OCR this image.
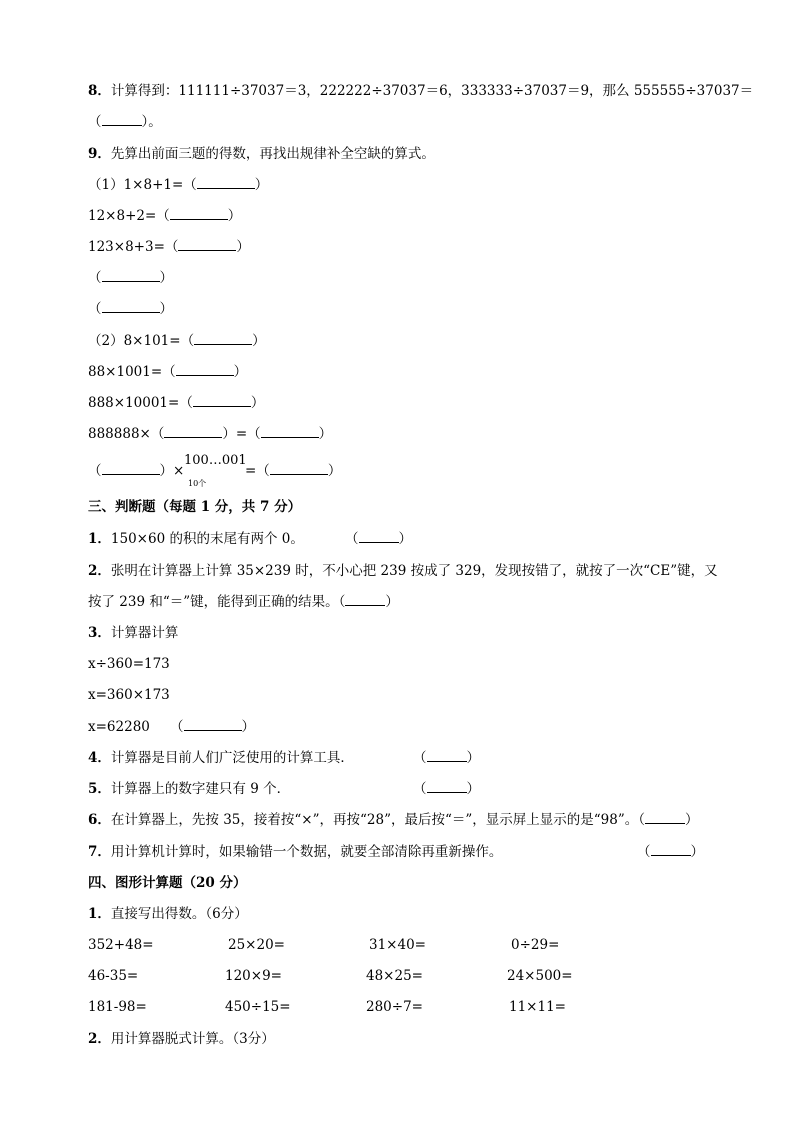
8．计算得到：111111÷37037＝3，222222÷37037＝6，333333÷37037＝9，那么 555555÷37037＝
（	）。
9．先算出前面三题的得数，再找出规律补全空缺的算式。
（1）1×8+1=（	）
12×8+2=（	）
123×8+3=（	）
（	）
（	）
（2）8×101=（	）
88×1001=（	）
888×10001=（	）
888888×（	）=（	）
（	）×
100…001
10个
=（	）
三、判断题（每题 1 分，共 7 分）
1．150×60 的积的末尾有两个 0。	（	）
2．张明在计算器上计算 35×239 时，不小心把 239 按成了 329，发现按错了，就按了一次“CE”键，又
按了 239 和“＝”键，能得到正确的结果。（	）
3．计算器计算
x÷360=173
x=360×173
x=62280 （	）
4．计算器是目前人们广泛使用的计算工具．	（	）
5．计算器上的数字建只有 9 个．	（	）
6．在计算器上，先按 35，接着按“×”，再按“28”，最后按“＝”，显示屏上显示的是“98”。（	）
7．用计算机计算时，如果输错一个数据，就要全部清除再重新操作。	（	）
四、图形计算题（20 分）
1．直接写出得数。（6分）
352+48=	25×20=	31×40=	0÷29=
46-35=	120×9=	48×25=	24×500=
181-98=	450÷15=	280÷7=	11×11=
2．用计算器脱式计算。（3分）
